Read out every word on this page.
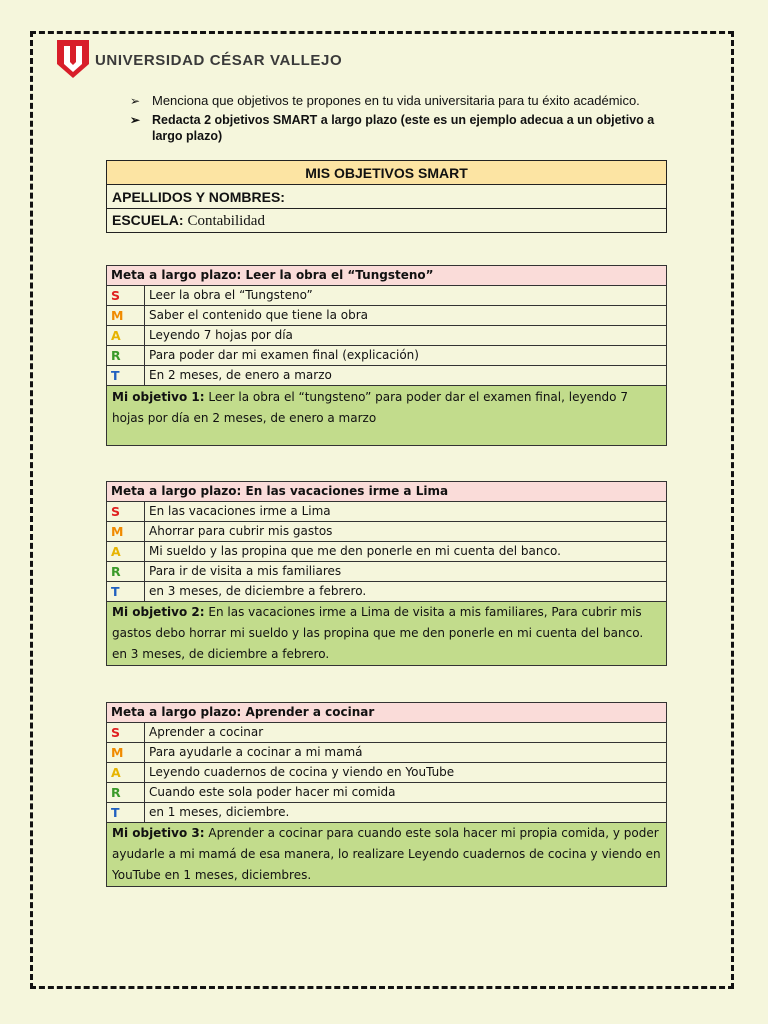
UNIVERSIDAD CÉSAR VALLEJO
➢ Menciona que objetivos te propones en tu vida universitaria para tu éxito académico.
➢ Redacta 2 objetivos SMART a largo plazo (este es un ejemplo adecua a un objetivo a largo plazo)
MIS OBJETIVOS SMART
APELLIDOS Y NOMBRES:
ESCUELA: Contabilidad
Meta a largo plazo: Leer la obra el “Tungsteno”	
S	Leer la obra el “Tungsteno”
M	Saber el contenido que tiene la obra
A	Leyendo 7 hojas por día
R	Para poder dar mi examen final (explicación)
T	En 2 meses, de enero a marzo
Mi objetivo 1: Leer la obra el “tungsteno” para poder dar el examen final, leyendo 7 hojas por día en 2 meses, de enero a marzo	
Meta a largo plazo: En las vacaciones irme a Lima	
S	En las vacaciones irme a Lima
M	Ahorrar para cubrir mis gastos
A	Mi sueldo y las propina que me den ponerle en mi cuenta del banco.
R	Para ir de visita a mis familiares
T	en 3 meses, de diciembre a febrero.
Mi objetivo 2: En las vacaciones irme a Lima de visita a mis familiares, Para cubrir mis gastos debo horrar mi sueldo y las propina que me den ponerle en mi cuenta del banco. en 3 meses, de diciembre a febrero.	
Meta a largo plazo: Aprender a cocinar	
S	Aprender a cocinar
M	Para ayudarle a cocinar a mi mamá
A	Leyendo cuadernos de cocina y viendo en YouTube
R	Cuando este sola poder hacer mi comida
T	en 1 meses, diciembre.
Mi objetivo 3: Aprender a cocinar para cuando este sola hacer mi propia comida, y poder ayudarle a mi mamá de esa manera, lo realizare Leyendo cuadernos de cocina y viendo en YouTube en 1 meses, diciembres.	
